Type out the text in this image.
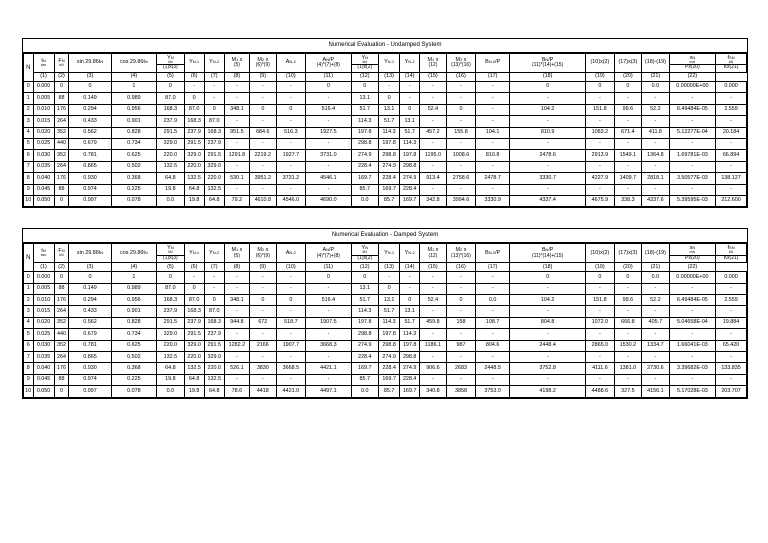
Numerical Evaluation - Undamped System
N	tN
sec	FN
kN	sin 29.86tN	cos 29.86tN	YN
kN
(1)x(3)	YN-1	YN-2	M1 x
(5)	M2 x
(6)*(9)	AN-2	AN/P
(4)*(7)+(8)	YN
kN
(1)x(2)	YN-1	YN-2	M1 x
(12)	M2 x
(13)*(16)	BN-2/P	BN/P
(11)*(14)+(15)	(10)x(2)	(17)x(3)	(18)-(19)	xN
m/s
Px(20)	fSN
kN
Kx(21)

	(1)	(2)	(3)	(4)	(5)	(6)	(7)	(8)	(9)	(10)	(11)	(12)	(13)	(14)	(15)	(16)	(17)	(18)	(19)	(20)	(21)	(22)	
0	0.000	0	0	1	0	-	-	-	-	-	0	0	-	-	-	-	-	0	0	0	0.0	0.00000E+00	0.000
1	0.005	88	0.149	0.989	87.0	0	-	-	-	-	-	13.1	0	-	-	-	-	-	-	-	-	-	-
2	0.010	176	0.294	0.956	168.3	87.0	0	348.1	0	0	516.4	51.7	13.1	0	52.4	0	-	104.2	151.8	99.6	52.2	6.49484E-05	2.559
3	0.015	264	0.433	0.901	237.9	168.3	87.0	-	-	-	-	114.3	51.7	13.1	-	-	-	-	-	-	-	-	-
4	0.020	352	0.562	0.828	291.5	237.9	168.3	951.5	684.6	516.3	1927.5	197.8	114.3	51.7	457.2	155.8	104.1	810.9	1083.2	671.4	411.8	5.12277E-04	20.184
5	0.025	440	0.679	0.734	329.0	291.5	237.9	-	-	-	-	298.8	197.8	114.3	-	-	-	-	-	-	-	-	-
6	0.030	352	0.781	0.625	220.0	329.0	291.5	1291.8	2219.2	1927.7	3731.0	274.9	298.8	197.8	1195.0	1008.6	810.8	2478.6	2913.9	1549.1	1364.8	1.69781E-03	66.894
7	0.035	264	0.865	0.502	132.5	220.0	329.0	-	-	-	-	228.4	274.9	298.8	-	-	-	-	-	-	-	-	-
8	0.040	176	0.930	0.368	64.8	132.5	220.0	530.1	3951.2	3731.2	4546.1	169.7	228.4	274.9	913.4	2758.6	2478.7	3330.7	4227.9	1409.7	2818.1	3.50577E-03	138.127
9	0.045	88	0.974	0.225	19.8	64.8	132.5	-	-	-	-	85.7	169.7	228.4	-	-	-	-	-	-	-	-	-
10	0.050	0	0.997	0.078	0.0	19.8	64.8	79.2	4610.8	4546.0	4690.0	0.0	85.7	169.7	342.8	3994.6	3330.9	4337.4	4675.9	338.3	4337.6	5.39595E-03	212.600
Numerical Evaluation - Damped System
N	tN
sec	FN
kN	sin 29.86tN	cos 29.86tN	YN
kN
(1)x(3)	YN-1	YN-2	M1 x
(5)	M2 x
(6)*(9)	AN-2	AN/P
(4)*(7)+(8)	YN
kN
(1)x(2)	YN-1	YN-2	M1 x
(12)	M2 x
(13)*(16)	BN-2/P	BN/P
(11)*(14)+(15)	(10)x(2)	(17)x(3)	(18)-(19)	xN
m/s
Px(20)	fSN
kN
Kx(21)

	(1)	(2)	(3)	(4)	(5)	(6)	(7)	(8)	(9)	(10)	(11)	(12)	(13)	(14)	(15)	(16)	(17)	(18)	(19)	(20)	(21)	(22)	
0	0.000	0	0	1	0	-	-	-	-	-	0	0	-	-	-	-	-	0	0	0	0.0	0.00000E+00	0.000
1	0.005	88	0.149	0.989	87.0	0	-	-	-	-	-	13.1	0	-	-	-	-	-	-	-	-	-	-
2	0.010	176	0.294	0.956	168.3	87.0	0	348.1	0	0	516.4	51.7	13.1	0	52.4	0	0.0	104.2	151.8	99.6	52.2	6.49484E-05	2.559
3	0.015	264	0.433	0.901	237.9	168.3	87.0	-	-	-	-	114.3	51.7	13.1	-	-	-	-	-	-	-	-	-
4	0.020	352	0.562	0.828	291.5	237.9	168.3	944.8	672	518.7	1907.5	197.8	114.3	51.7	459.8	158	108.7	804.8	1072.0	666.8	405.7	5.04658E-04	19.884
5	0.025	440	0.679	0.734	329.0	291.5	237.9	-	-	-	-	298.8	197.8	114.3	-	-	-	-	-	-	-	-	-
6	0.030	352	0.781	0.625	220.0	329.0	291.5	1282.2	2166	1907.7	3668.3	274.9	298.8	197.8	1186.1	987	804.6	2448.4	2865.0	1530.2	1334.7	1.66041E-03	65.420
7	0.035	264	0.865	0.502	132.5	220.0	329.0	-	-	-	-	228.4	274.9	298.8	-	-	-	-	-	-	-	-	-
8	0.040	176	0.930	0.368	64.8	132.5	220.0	526.1	3830	3668.5	4421.1	169.7	228.4	274.9	906.6	2683	2448.5	3752.8	4111.6	1381.0	2730.6	3.39682E-03	133.835
9	0.045	88	0.974	0.225	19.8	64.8	132.5	-	-	-	-	85.7	169.7	228.4	-	-	-	-	-	-	-	-	-
10	0.050	0	0.997	0.078	0.0	19.8	64.8	78.6	4418	4421.0	4497.1	0.0	85.7	169.7	340.8	3858	3753.0	4198.2	4488.6	327.5	4156.1	5.17028E-03	203.707
